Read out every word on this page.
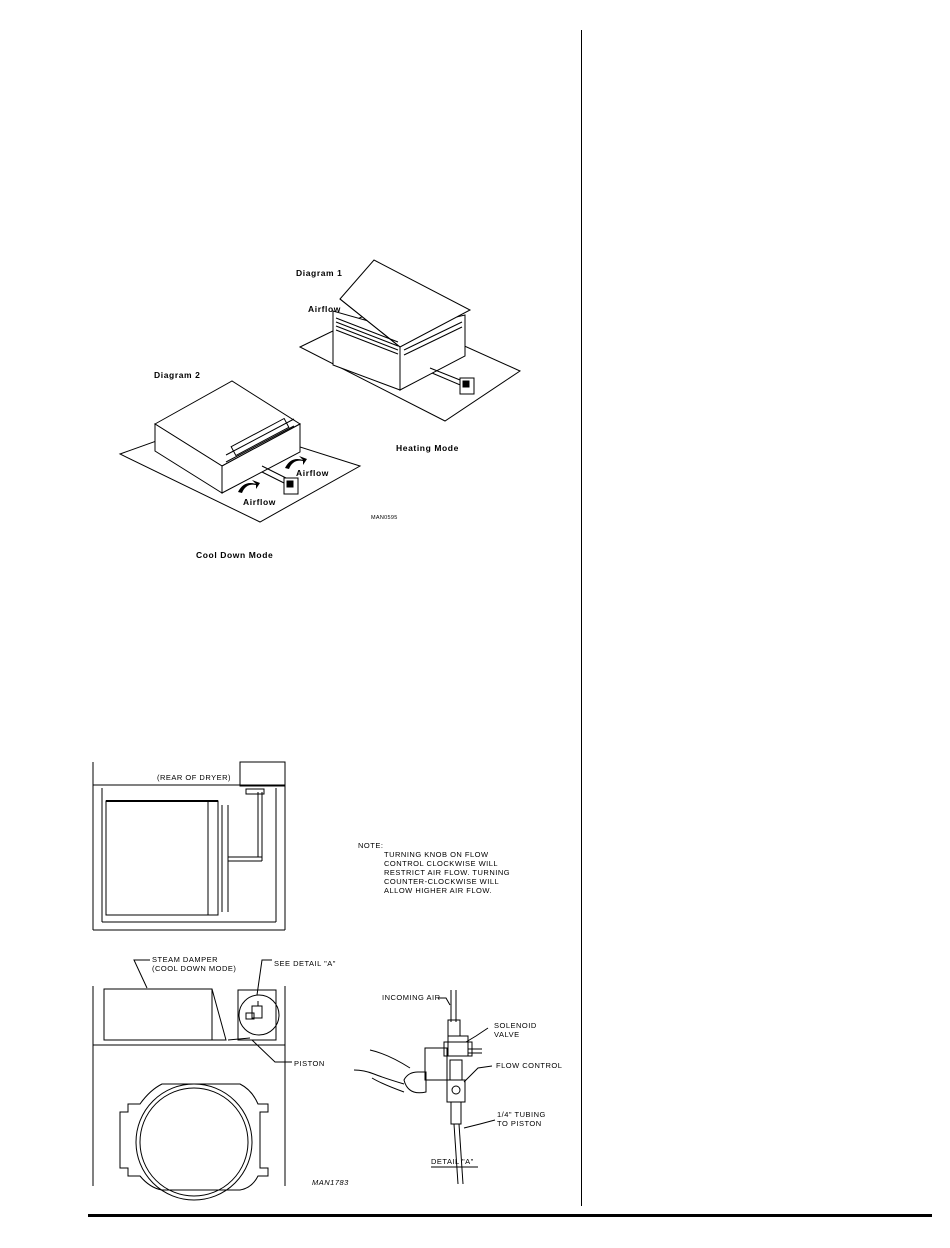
Diagram 1
Airflow
Diagram 2
Airflow
Airflow
Heating Mode
Cool Down Mode
MAN0595
(REAR OF DRYER)
NOTE:
TURNING KNOB ON FLOW
CONTROL CLOCKWISE WILL
RESTRICT AIR FLOW. TURNING
COUNTER-CLOCKWISE WILL
ALLOW HIGHER AIR FLOW.
STEAM DAMPER
(COOL DOWN MODE)
SEE DETAIL "A"
PISTON
INCOMING AIR
SOLENOID
VALVE
FLOW CONTROL
1/4" TUBING
TO PISTON
DETAIL "A"
MAN1783
